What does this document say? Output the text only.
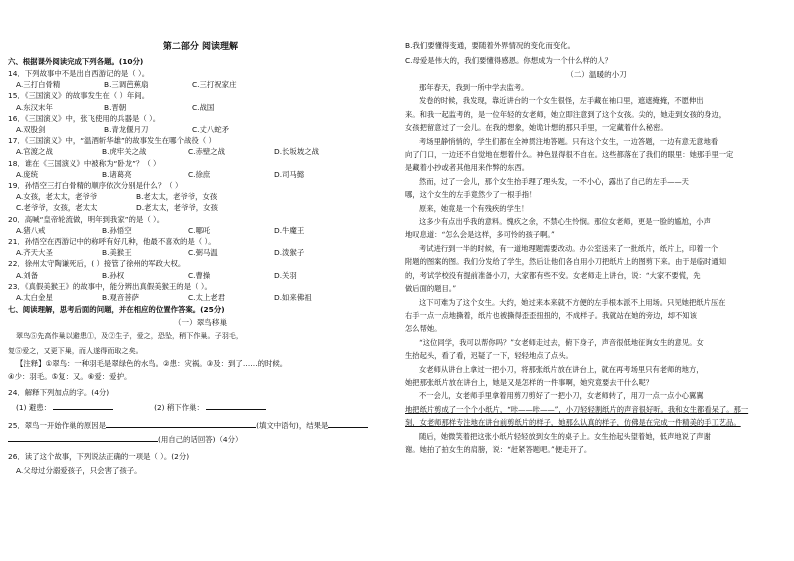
第二部分 阅读理解
六、根据课外阅读完成下列各题。(10分)
14．下列故事中不是出自西游记的是（ ）。
A.三打白骨精	B.三调芭蕉扇	C.三打祝家庄
15．《三国演义》的故事发生在（ ）年间。
A.东汉末年	B.晋朝	C.战国
16．《三国演义》中，张飞使用的兵器是（ ）。
A.双股剑	B.青龙偃月刀	C.丈八蛇矛
17．《三国演义》中，“温酒斩华雄”的故事发生在哪个战役（ ）
A.官渡之战	B.虎牢关之战	C.赤壁之战	D.长坂坡之战
18．谁在《三国演义》中被称为“卧龙”？（ ）
A.庞统	B.诸葛亮	C.徐庶	D.司马懿
19．孙悟空三打白骨精的顺序依次分别是什么？（ ）
A.女孩，老太太，老爷爷	B.老太太，老爷爷，女孩
C.老爷爷，女孩，老太太	D.老太太，老爷爷，女孩
20．高喊“皇帝轮流做，明年到我家”的是（ ）。
A.猪八戒	B.孙悟空	C.哪吒	D.牛魔王
21．孙悟空在西游记中的称呼有好几种，他最不喜欢的是（ ）。
A.齐天大圣	B.美猴王	C.弼马温	D.泼猴子
22．徐州太守陶谦死后，( ）接管了徐州的军政大权。
A.刘备	B.孙权	C.曹操	D.关羽
23．《真假美猴王》的故事中，能分辨出真假美猴王的是（ ）。
A.太白金星	B.观音菩萨	C.太上老君	D.如来佛祖
七、阅读理解，思考后面的问题，并在相应的位置作答案。(25分)
（一）翠鸟移巢
翠鸟⑤先高作巢以避患①，及②生子，爱之，恐坠，稍下作巢。子羽毛，
复⑤爱之，又更下巢，而人遂得而取之矣。
【注释】①翠鸟：一种羽毛是翠绿色的水鸟。②患：灾祸。③及：到了……的时候。
④少：羽毛。⑤复：又。⑥爱：爱护。
24．解释下列加点的字。(4分)
(1) 避患：	(2) 稍下作巢：
25．翠鸟一开始作巢的原因是	(填文中语句)，结果是
(用自己的话回答)（4分）
26．读了这个故事，下列说法正确的一项是（ ）。(2分)
A.父母过分溺爱孩子，只会害了孩子。
B.我们要懂得变通，要随着外界情况的变化而变化。
C.母爱是伟大的，我们要懂得感恩。你想成为一个什么样的人？
（二）温暖的小刀
那年春天，我到一所中学去监考。
发卷的时候，我发现，靠近讲台的一个女生很怪，左手藏在袖口里，遮遮掩掩，不愿伸出
来。和我一起监考的，是一位年轻的女老师，她立即注意到了这个女孩。尖的，她走到女孩的身边，
女孩把留意过了一会儿。在我的想象，她诡计想的那只手里，一定藏着什么秘密。
考场里静悄悄的，学生们都在全神贯注地答题。只有这个女生，一边答题，一边有意无意地看
向了门口，一边还不自觉地在想着什么。神色显得很不自在。这些都落在了我们的眼里：她那手里一定
是藏着小抄或者其他用来作弊的东西。
然而，过了一会儿，那个女生抬手理了理头发，一不小心，露出了自己的左手——天
哪，这个女生的左手竟然少了一根手指！
原来，她竟是一个有残疾的学生！
这多少有点出乎我的意料。愧疚之余，不禁心生怜悯。那位女老师，更是一脸的尴尬，小声
地叹息道：“怎么会是这样，多可怜的孩子啊。”
考试进行到一半的时候，有一道地理题需要改动。办公室送来了一批纸片，纸片上，印着一个
附题的图案的图。我们分发给了学生，然后让他们各自用小刀把纸片上的图剪下来。由于是临时通知
的，考试学校没有提前准备小刀，大家都有些不安。女老师走上讲台，说：“大家不要慌，先
做后面的题目。”
这下可难为了这个女生。大约，她过来本来就不方便的左手根本派不上用场。只见她把纸片压在
右手一点一点地撕着，纸片也被撕得歪歪扭扭的，不成样子。我就站在她的旁边，却不知该
怎么帮她。
“这位同学，我可以帮你吗？”女老师走过去，俯下身子，声音很低地征询女生的意见。女
生抬起头，看了看，迟疑了一下，轻轻地点了点头。
女老师从讲台上拿过一把小刀，将那张纸片放在讲台上，就在再考场里只有老师的地方，
她把那张纸片放在讲台上，她是又是怎样的一件事啊，她究竟要去干什么呢？
不一会儿，女老师手里拿着用剪刀剪好了一把小刀，女老师转了，用刀一点一点小心翼翼
地把纸片剪成了一个个小纸片，“咔——咔——”，小刀轻轻割纸片的声音很好听。我和女生都看呆了。那一
刻，女老师那样专注地在讲台前剪纸片的样子，她那么认真的样子，仿佛是在完成一件精美的手工艺品。
随后，她微笑着把这张小纸片轻轻放到女生的桌子上。女生抬起头望着她，低声地说了声谢
谢。她拍了拍女生的肩膀，说：“赶紧答题吧。”便走开了。
